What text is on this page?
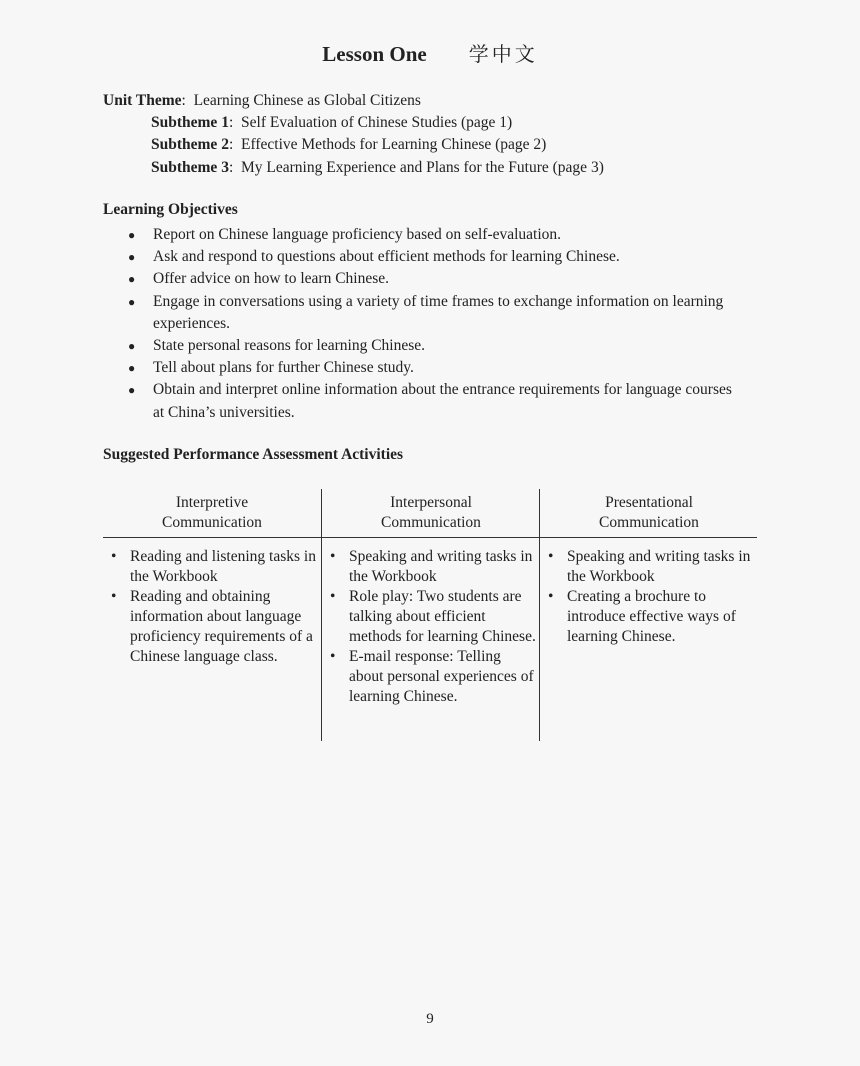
Lesson One 学中文
Unit Theme:  Learning Chinese as Global Citizens
Subtheme 1:  Self Evaluation of Chinese Studies (page 1)
Subtheme 2:  Effective Methods for Learning Chinese (page 2)
Subtheme 3:  My Learning Experience and Plans for the Future (page 3)
Learning Objectives
● Report on Chinese language proficiency based on self-evaluation.
● Ask and respond to questions about efficient methods for learning Chinese.
● Offer advice on how to learn Chinese.
● Engage in conversations using a variety of time frames to exchange information on learning experiences.
● State personal reasons for learning Chinese.
● Tell about plans for further Chinese study.
● Obtain and interpret online information about the entrance requirements for language courses at China’s universities.
Suggested Performance Assessment Activities
Interpretive
Communication
• Reading and listening tasks in the Workbook
• Reading and obtaining information about language proficiency requirements of a Chinese language class.
Interpersonal
Communication
• Speaking and writing tasks in the Workbook
• Role play: Two students are talking about efficient methods for learning Chinese.
• E-mail response: Telling about personal experiences of learning Chinese.
Presentational
Communication
• Speaking and writing tasks in the Workbook
• Creating a brochure to introduce effective ways of learning Chinese.
9
